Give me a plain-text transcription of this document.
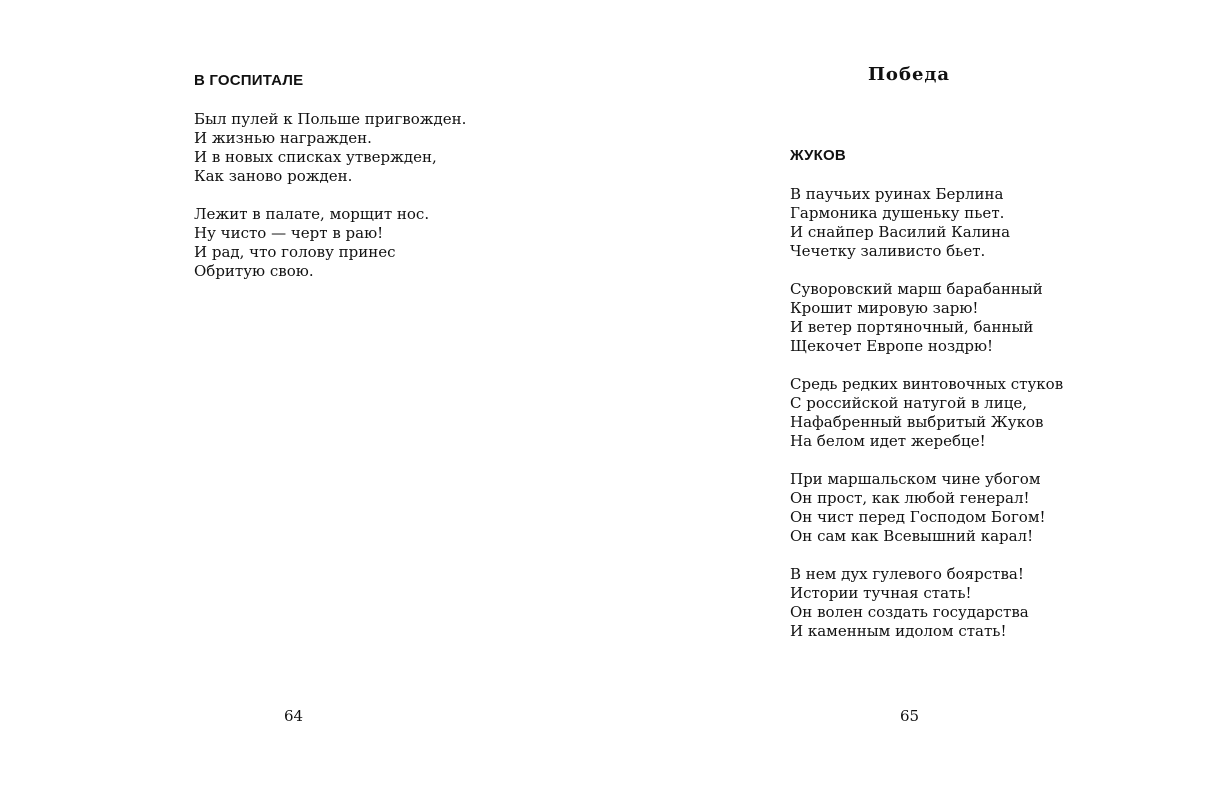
В ГОСПИТАЛЕ
Был пулей к Польше пригвожден.
И жизнью награжден.
И в новых списках утвержден,
Как заново рожден.
Лежит в палате, морщит нос.
Ну чисто — черт в раю!
И рад, что голову принес
Обритую свою.
64
Победа
ЖУКОВ
В паучьих руинах Берлина
Гармоника душеньку пьет.
И снайпер Василий Калина
Чечетку заливисто бьет.
Суворовский марш барабанный
Крошит мировую зарю!
И ветер портяночный, банный
Щекочет Европе ноздрю!
Средь редких винтовочных стуков
С российской натугой в лице,
Нафабренный выбритый Жуков
На белом идет жеребце!
При маршальском чине убогом
Он прост, как любой генерал!
Он чист перед Господом Богом!
Он сам как Всевышний карал!
В нем дух гулевого боярства!
Истории тучная стать!
Он волен создать государства
И каменным идолом стать!
65
